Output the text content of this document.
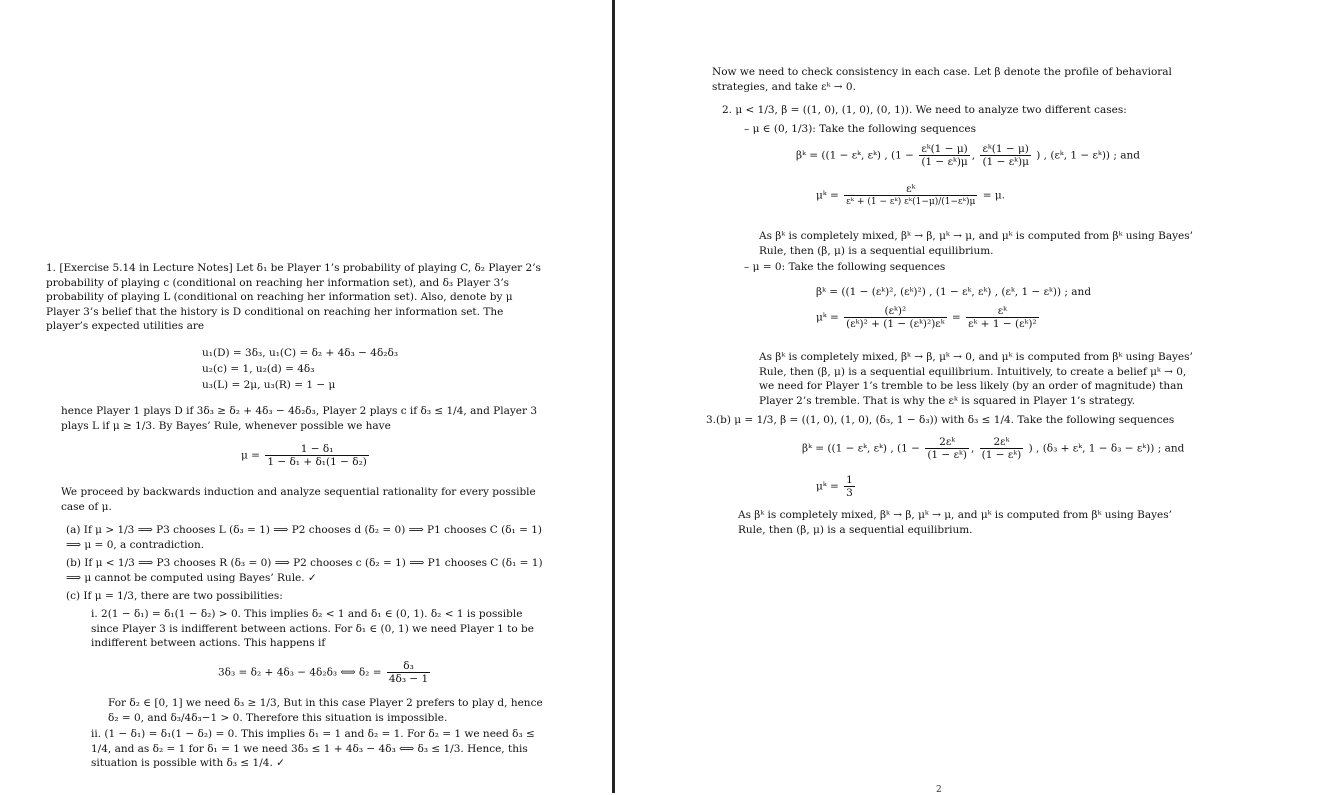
1. [Exercise 5.14 in Lecture Notes] Let δ₁ be Player 1’s probability of playing C, δ₂ Player 2’s probability of playing c (conditional on reaching her information set), and δ₃ Player 3’s probability of playing L (conditional on reaching her information set). Also, denote by μ Player 3’s belief that the history is D conditional on reaching her information set. The player’s expected utilities are
u₁(D) = 3δ₃, u₁(C) = δ₂ + 4δ₃ − 4δ₂δ₃
u₂(c) = 1, u₂(d) = 4δ₃
u₃(L) = 2μ, u₃(R) = 1 − μ
hence Player 1 plays D if 3δ₃ ≥ δ₂ + 4δ₃ − 4δ₂δ₃, Player 2 plays c if δ₃ ≤ 1/4, and Player 3 plays L if μ ≥ 1/3. By Bayes’ Rule, whenever possible we have
$\mu = \frac{\text{1 − δ₁}}{\text{1 − δ₁ + δ₁(1 − δ₂)}}$
We proceed by backwards induction and analyze sequential rationality for every possible case of μ.
(a) If μ > 1/3 ⟹ P3 chooses L (δ₃ = 1) ⟹ P2 chooses d (δ₂ = 0) ⟹ P1 chooses C (δ₁ = 1) ⟹ μ = 0, a contradiction.
(b) If μ < 1/3 ⟹ P3 chooses R (δ₃ = 0) ⟹ P2 chooses c (δ₂ = 1) ⟹ P1 chooses C (δ₁ = 1) ⟹ μ cannot be computed using Bayes’ Rule. ✓
(c) If μ = 1/3, there are two possibilities:
i. 2(1 − δ₁) = δ₁(1 − δ₂) > 0. This implies δ₂ < 1 and δ₁ ∈ (0, 1). δ₂ < 1 is possible since Player 3 is indifferent between actions. For δ₁ ∈ (0, 1) we need Player 1 to be indifferent between actions. This happens if
3δ₃ = δ₂ + 4δ₃ − 4δ₂δ₃ ⟺ $\delta_2 = \frac{\text{δ₃}}{\text{4δ₃ − 1}}$
For δ₂ ∈ [0, 1] we need δ₃ ≥ 1/3, But in this case Player 2 prefers to play d, hence δ₂ = 0, and δ₃/4δ₃−1 > 0. Therefore this situation is impossible.
ii. (1 − δ₁) = δ₁(1 − δ₂) = 0. This implies δ₁ = 1 and δ₂ = 1. For δ₂ = 1 we need δ₃ ≤ 1/4, and as δ₂ = 1 for δ₁ = 1 we need 3δ₃ ≤ 1 + 4δ₃ − 4δ₃ ⟺ δ₃ ≤ 1/3. Hence, this situation is possible with δ₃ ≤ 1/4. ✓
Now we need to check consistency in each case. Let β denote the profile of behavioral strategies, and take εᵏ → 0.
2. μ < 1/3, β = ((1, 0), (1, 0), (0, 1)). We need to analyze two different cases:
– μ ∈ (0, 1/3): Take the following sequences
βᵏ = ((1 − εᵏ, εᵏ) , ($1 - \frac{\text{εᵏ(1 − μ)}}{\text{(1 − εᵏ)μ}}$ , $\frac{\text{εᵏ(1 − μ)}}{\text{(1 − εᵏ)μ}}$ ) , (εᵏ, 1 − εᵏ)) ; and
μᵏ = $\frac{\text{εᵏ}}{\text{εᵏ + (1 − εᵏ) εᵏ(1−μ)/(1−εᵏ)μ}} = \mu$.
As βᵏ is completely mixed, βᵏ → β, μᵏ → μ, and μᵏ is computed from βᵏ using Bayes’ Rule, then (β, μ) is a sequential equilibrium.
– μ = 0: Take the following sequences
βᵏ = ((1 − (εᵏ)², (εᵏ)²) , (1 − εᵏ, εᵏ) , (εᵏ, 1 − εᵏ)) ; and
μᵏ = $\frac{\text{(εᵏ)²}}{\text{(εᵏ)² + (1 − (εᵏ)²)εᵏ}} = \frac{\text{εᵏ}}{\text{εᵏ + 1 − (εᵏ)²}}$
As βᵏ is completely mixed, βᵏ → β, μᵏ → 0, and μᵏ is computed from βᵏ using Bayes’ Rule, then (β, μ) is a sequential equilibrium. Intuitively, to create a belief μᵏ → 0, we need for Player 1’s tremble to be less likely (by an order of magnitude) than Player 2’s tremble. That is why the εᵏ is squared in Player 1’s strategy.
3.(b) μ = 1/3, β = ((1, 0), (1, 0), (δ₃, 1 − δ₃)) with δ₃ ≤ 1/4. Take the following sequences
βᵏ = ((1 − εᵏ, εᵏ) , ($1 - \frac{\text{2εᵏ}}{\text{(1 − εᵏ)}}$ , $\frac{\text{2εᵏ}}{\text{(1 − εᵏ)}}$ ) , (δ₃ + εᵏ, 1 − δ₃ − εᵏ)) ; and
μᵏ = $\frac{1}{3}$
As βᵏ is completely mixed, βᵏ → β, μᵏ → μ, and μᵏ is computed from βᵏ using Bayes’ Rule, then (β, μ) is a sequential equilibrium.
2
